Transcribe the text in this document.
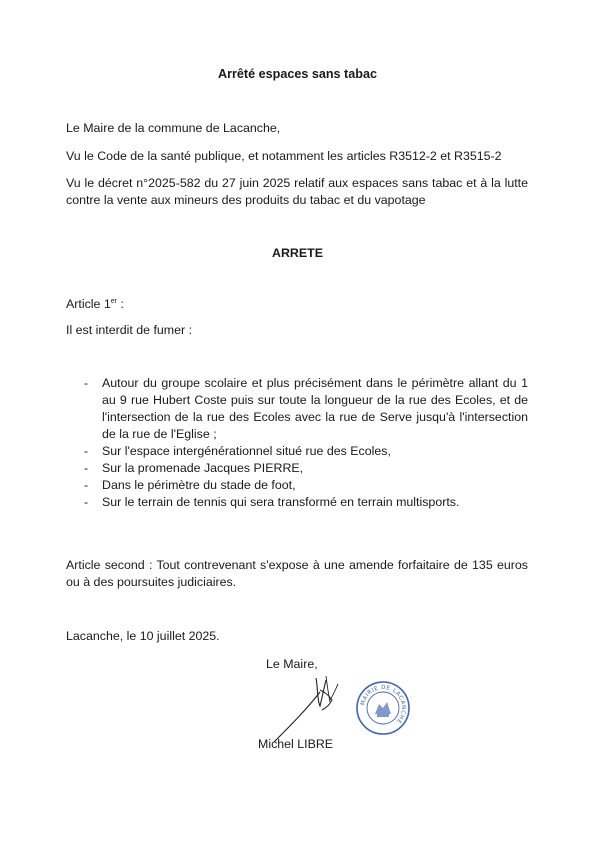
Arrêté espaces sans tabac

Le Maire de la commune de Lacanche,

Vu le Code de la santé publique, et notamment les articles R3512-2 et R3515-2

Vu le décret n°2025-582 du 27 juin 2025 relatif aux espaces sans tabac et à la lutte contre la vente aux mineurs des produits du tabac et du vapotage

ARRETE

Article 1er :

Il est interdit de fumer :

- Autour du groupe scolaire et plus précisément dans le périmètre allant du 1 au 9 rue Hubert Coste puis sur toute la longueur de la rue des Ecoles, et de l'intersection de la rue des Ecoles avec la rue de Serve jusqu'à l'intersection de la rue de l'Eglise ;
- Sur l'espace intergénérationnel situé rue des Ecoles,
- Sur la promenade Jacques PIERRE,
- Dans le périmètre du stade de foot,
- Sur le terrain de tennis qui sera transformé en terrain multisports.

Article second : Tout contrevenant s'expose à une amende forfaitaire de 135 euros ou à des poursuites judiciaires.

Lacanche, le 10 juillet 2025.

Le Maire,
Michel LIBRE
MAIRIE DE LACANCHE
